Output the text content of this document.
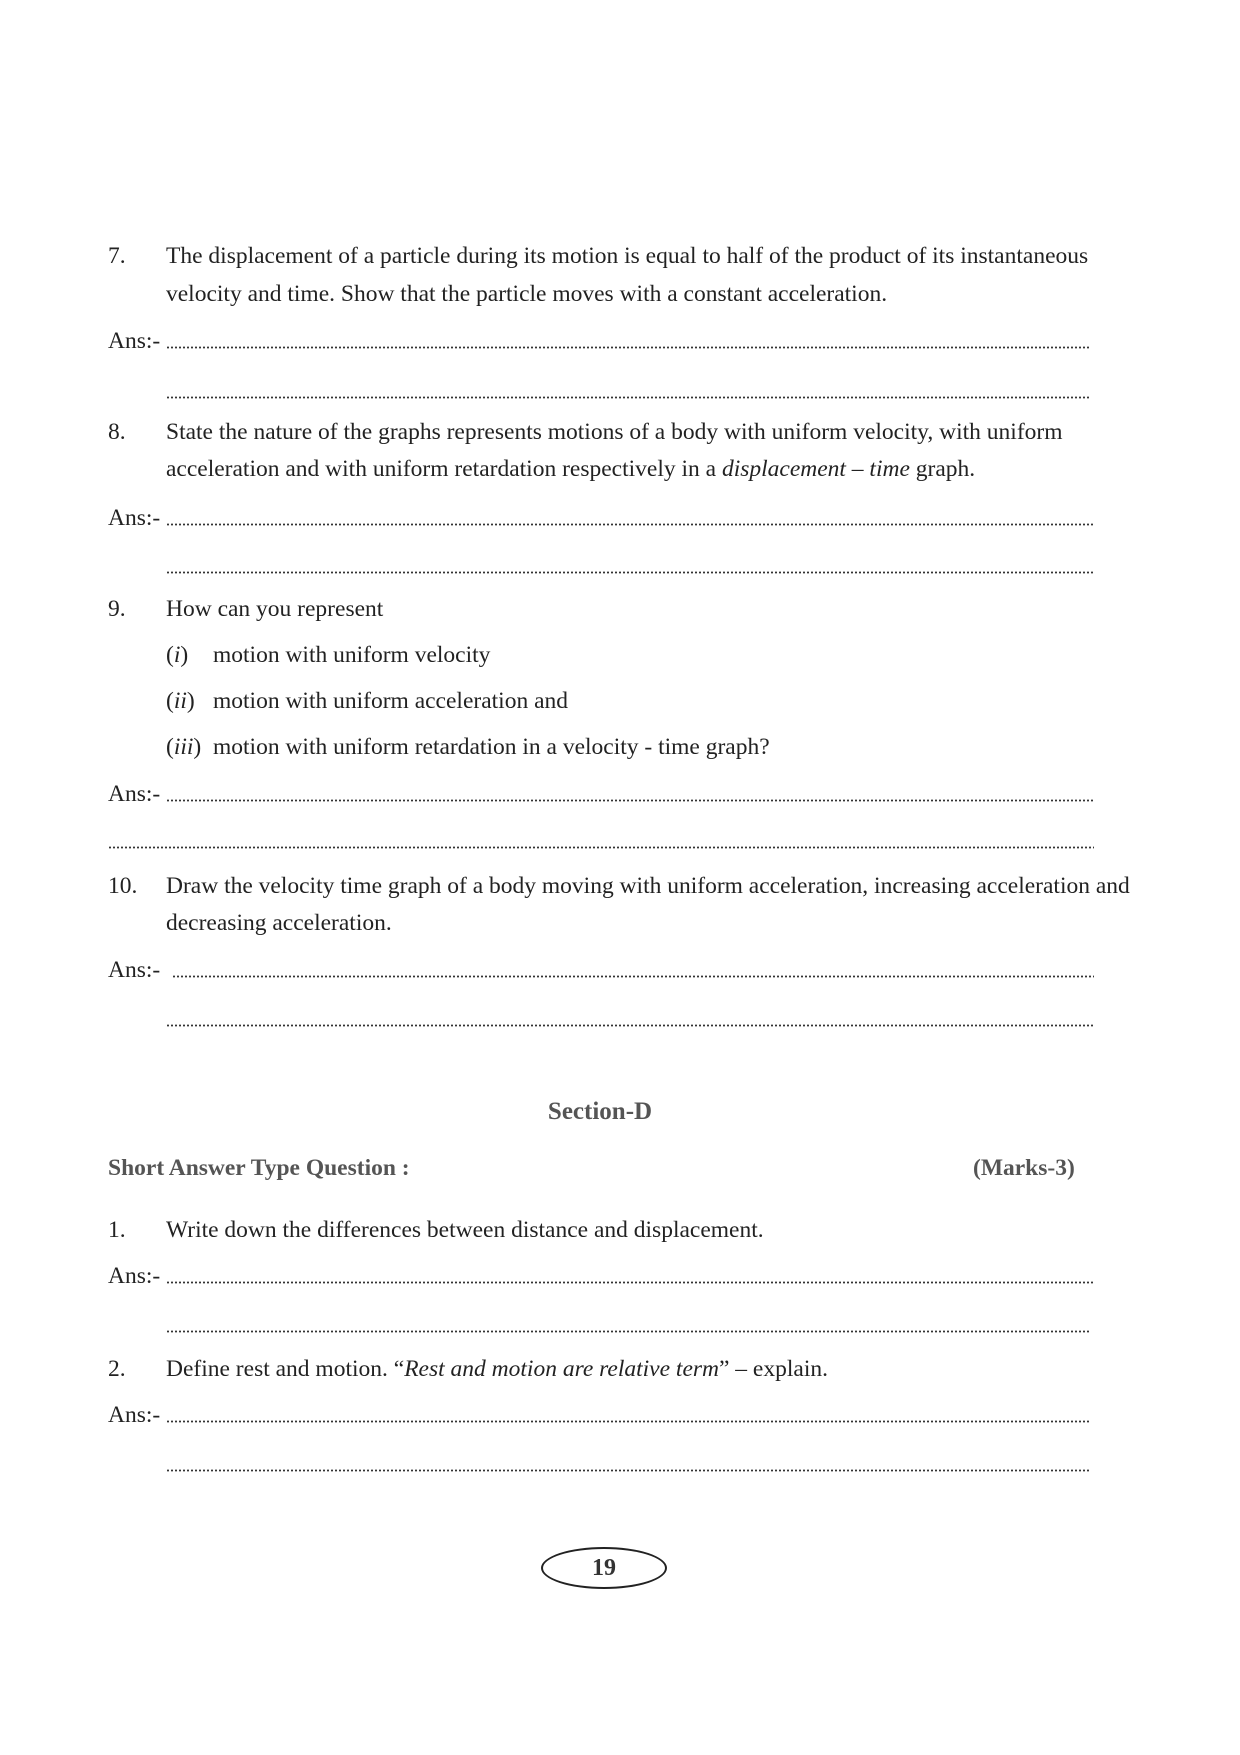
7.	The displacement of a particle during its motion is equal to half of the product of its instantaneous
velocity and time. Show that the particle moves with a constant acceleration.
Ans:-
8.	State the nature of the graphs represents motions of a body with uniform velocity, with uniform
acceleration and with uniform retardation respectively in a displacement – time graph.
Ans:-
9.	How can you represent
(i) motion with uniform velocity
(ii) motion with uniform acceleration and
(iii) motion with uniform retardation in a velocity - time graph?
Ans:-
10.	Draw the velocity time graph of a body moving with uniform acceleration, increasing acceleration and
decreasing acceleration.
Ans:-
Section-D
Short Answer Type Question :	(Marks-3)
1.	Write down the differences between distance and displacement.
Ans:-
2.	Define rest and motion. “Rest and motion are relative term” – explain.
Ans:-
19
